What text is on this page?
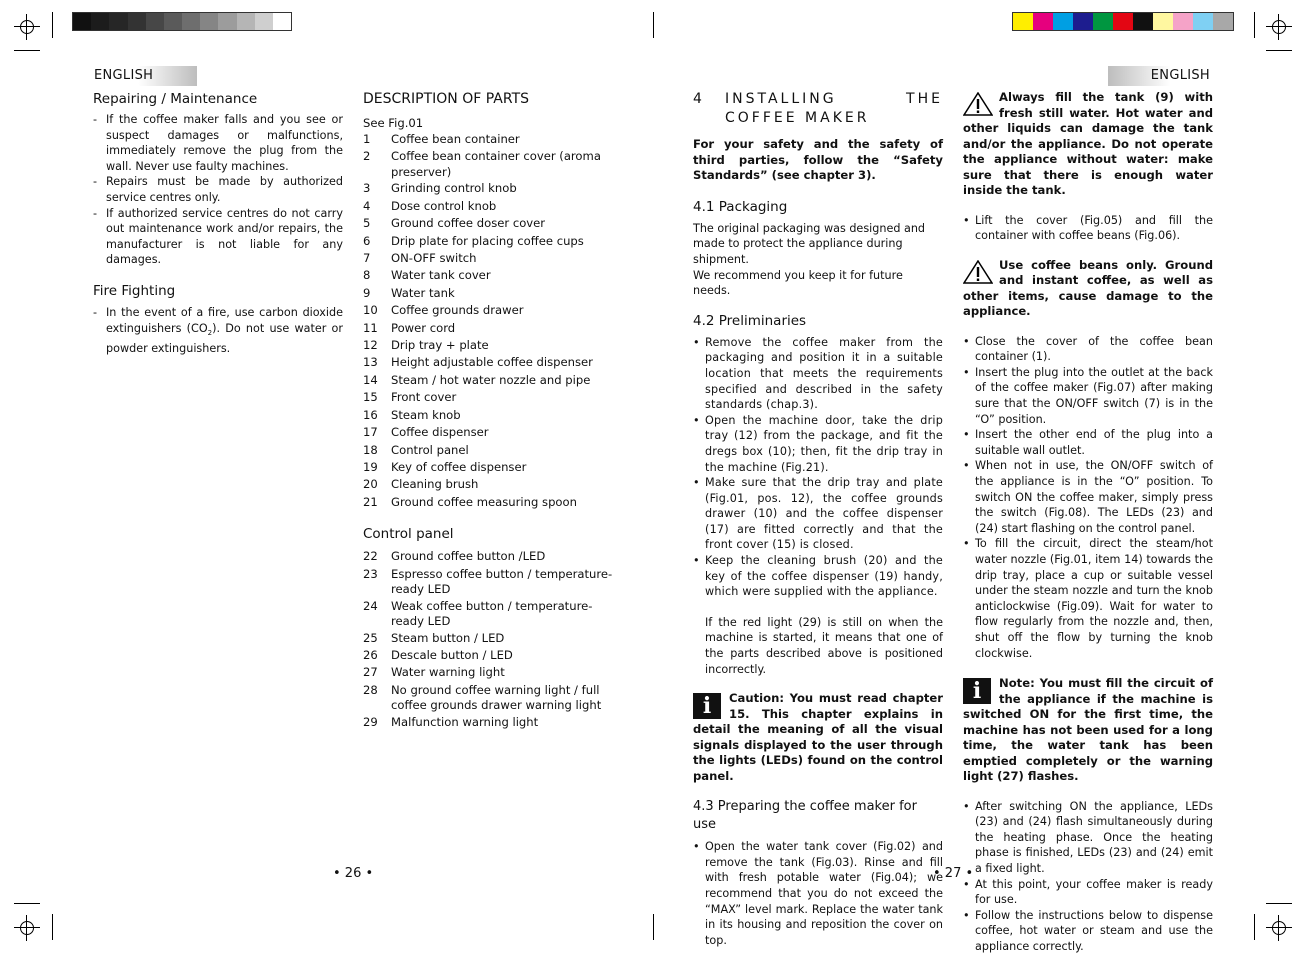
ENGLISH

Repairing / Maintenance

- If the coffee maker falls and you see or suspect damages or malfunctions, immediately remove the plug from the wall. Never use faulty machines.
- Repairs must be made by authorized service centres only.
- If authorized service centres do not carry out maintenance work and/or repairs, the manufacturer is not liable for any damages.

Fire Fighting

- In the event of a fire, use carbon dioxide extinguishers $(CO_2)$. Do not use water or powder extinguishers.

DESCRIPTION OF PARTS

See Fig.01
1	Coffee bean container
2	Coffee bean container cover (aroma preserver)
3	Grinding control knob
4	Dose control knob
5	Ground coffee doser cover
6	Drip plate for placing coffee cups
7	ON-OFF switch
8	Water tank cover
9	Water tank
10	Coffee grounds drawer
11	Power cord
12	Drip tray + plate
13	Height adjustable coffee dispenser
14	Steam / hot water nozzle and pipe
15	Front cover
16	Steam knob
17	Coffee dispenser
18	Control panel
19	Key of coffee dispenser
20	Cleaning brush
21	Ground coffee measuring spoon

Control panel

22	Ground coffee button /LED
23	Espresso coffee button / temperature-ready LED
24	Weak coffee button / temperature-ready LED
25	Steam button / LED
26	Descale button / LED
27	Water warning light
28	No ground coffee warning light / full coffee grounds drawer warning light
29	Malfunction warning light
• 26 •
ENGLISH
4	INSTALLING THE COFFEE MAKER

For your safety and the safety of third parties, follow the “Safety Standards” (see chapter 3).

4.1 Packaging

The original packaging was designed and made to protect the appliance during shipment.
We recommend you keep it for future needs.

4.2 Preliminaries

• Remove the coffee maker from the packaging and position it in a suitable location that meets the requirements specified and described in the safety standards (chap.3).
• Open the machine door, take the drip tray (12) from the package, and fit the dregs box (10); then, fit the drip tray in the machine (Fig.21).
• Make sure that the drip tray and plate (Fig.01, pos. 12), the coffee grounds drawer (10) and the coffee dispenser (17) are fitted correctly and that the front cover (15) is closed.
• Keep the cleaning brush (20) and the key of the coffee dispenser (19) handy, which were supplied with the appliance.

If the red light (29) is still on when the machine is started, it means that one of the parts described above is positioned incorrectly.

i	Caution: You must read chapter 15. This chapter explains in detail the meaning of all the visual signals displayed to the user through the lights (LEDs) found on the control panel.

4.3 Preparing the coffee maker for use

• Open the water tank cover (Fig.02) and remove the tank (Fig.03). Rinse and fill with fresh potable water (Fig.04); we recommend that you do not exceed the “MAX” level mark. Replace the water tank in its housing and reposition the cover on top.
Always fill the tank (9) with fresh still water. Hot water and other liquids can damage the tank and/or the appliance. Do not operate the appliance without water: make sure that there is enough water inside the tank.
• Lift the cover (Fig.05) and fill the container with coffee beans (Fig.06).
Use coffee beans only. Ground and instant coffee, as well as other items, cause damage to the appliance.
• Close the cover of the coffee bean container (1).
• Insert the plug into the outlet at the back of the coffee maker (Fig.07) after making sure that the ON/OFF switch (7) is in the “O” position.
• Insert the other end of the plug into a suitable wall outlet.
• When not in use, the ON/OFF switch of the appliance is in the “O” position. To switch ON the coffee maker, simply press the switch (Fig.08). The LEDs (23) and (24) start flashing on the control panel.
• To fill the circuit, direct the steam/hot water nozzle (Fig.01, item 14) towards the drip tray, place a cup or suitable vessel under the steam nozzle and turn the knob anticlockwise (Fig.09). Wait for water to flow regularly from the nozzle and, then, shut off the flow by turning the knob clockwise.
i	Note: You must fill the circuit of the appliance if the machine is switched ON for the first time, the machine has not been used for a long time, the water tank has been emptied completely or the warning light (27) flashes.
• After switching ON the appliance, LEDs (23) and (24) flash simultaneously during the heating phase. Once the heating phase is finished, LEDs (23) and (24) emit a fixed light.
• At this point, your coffee maker is ready for use.
• Follow the instructions below to dispense coffee, hot water or steam and use the appliance correctly.
• 27 •
